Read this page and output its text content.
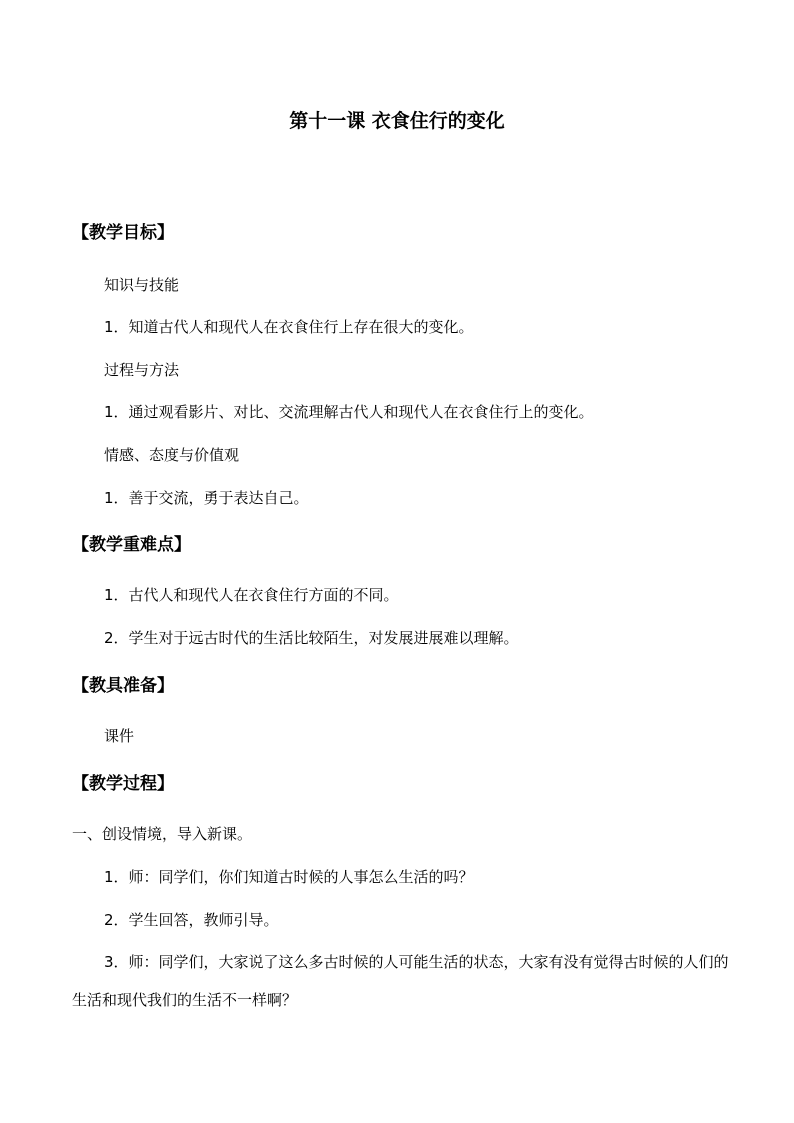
第十一课 衣食住行的变化
【教学目标】
知识与技能
1．知道古代人和现代人在衣食住行上存在很大的变化。
过程与方法
1．通过观看影片、对比、交流理解古代人和现代人在衣食住行上的变化。
情感、态度与价值观
1．善于交流，勇于表达自己。
【教学重难点】
1．古代人和现代人在衣食住行方面的不同。
2．学生对于远古时代的生活比较陌生，对发展进展难以理解。
【教具准备】
课件
【教学过程】
一、创设情境，导入新课。
1．师：同学们，你们知道古时候的人事怎么生活的吗？
2．学生回答，教师引导。
3．师：同学们，大家说了这么多古时候的人可能生活的状态，大家有没有觉得古时候的人们的生活和现代我们的生活不一样啊？
